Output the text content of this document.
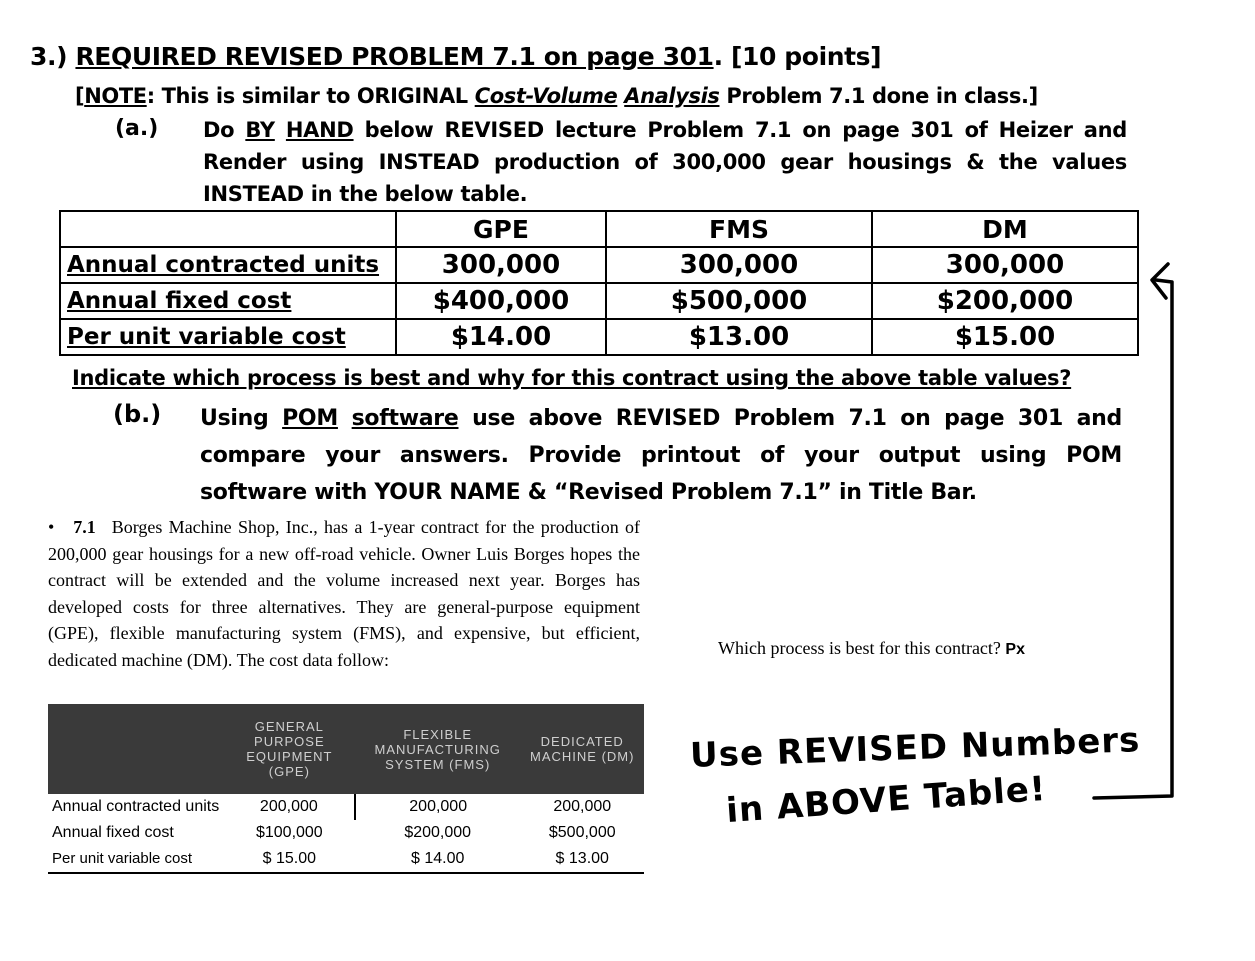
3.) REQUIRED REVISED PROBLEM 7.1 on page 301. [10 points]
[NOTE: This is similar to ORIGINAL Cost-Volume Analysis Problem 7.1 done in class.]
(a.) Do BY HAND below REVISED lecture Problem 7.1 on page 301 of Heizer and Render using INSTEAD production of 300,000 gear housings & the values INSTEAD in the below table.
	GPE	FMS	DM
Annual contracted units	300,000	300,000	300,000
Annual fixed cost	$400,000	$500,000	$200,000
Per unit variable cost	$14.00	$13.00	$15.00
Indicate which process is best and why for this contract using the above table values?
(b.) Using POM software use above REVISED Problem 7.1 on page 301 and compare your answers. Provide printout of your output using POM software with YOUR NAME & “Revised Problem 7.1” in Title Bar.
• 7.1 Borges Machine Shop, Inc., has a 1-year contract for the production of 200,000 gear housings for a new off-road vehicle. Owner Luis Borges hopes the contract will be extended and the volume increased next year. Borges has developed costs for three alternatives. They are general-purpose equipment (GPE), flexible manufacturing system (FMS), and expensive, but efficient, dedicated machine (DM). The cost data follow:
	GENERAL PURPOSE EQUIPMENT (GPE)	FLEXIBLE MANUFACTURING SYSTEM (FMS)	DEDICATED MACHINE (DM)
Annual contracted units	200,000	200,000	200,000
Annual fixed cost	$100,000	$200,000	$500,000
Per unit variable cost	$ 15.00	$ 14.00	$ 13.00
Which process is best for this contract? Px
Use REVISED Numbers
in ABOVE Table!
